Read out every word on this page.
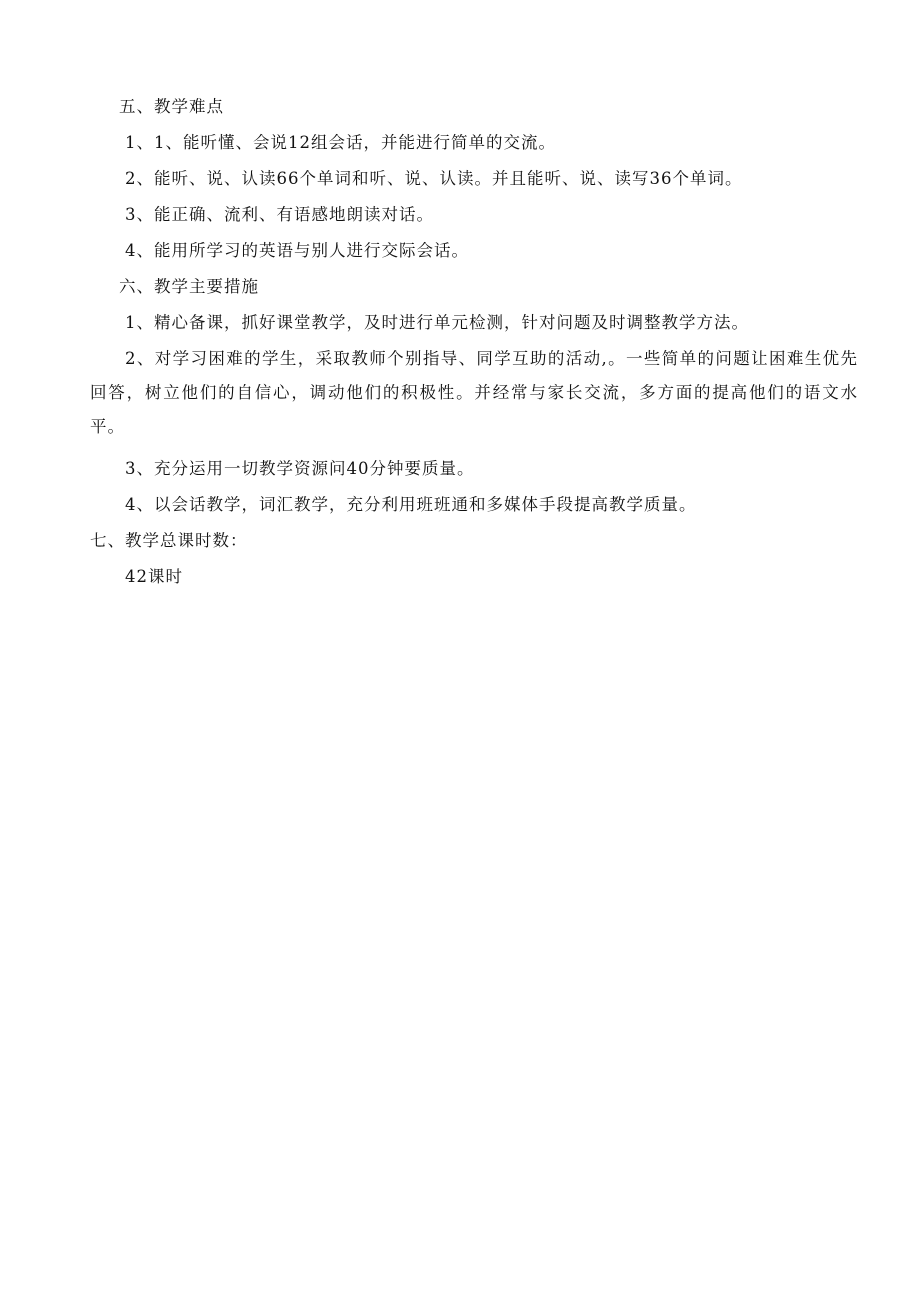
五、教学难点
1、1、能听懂、会说12组会话，并能进行简单的交流。
2、能听、说、认读66个单词和听、说、认读。并且能听、说、读写36个单词。
3、能正确、流利、有语感地朗读对话。
4、能用所学习的英语与别人进行交际会话。
六、教学主要措施
1、精心备课，抓好课堂教学，及时进行单元检测，针对问题及时调整教学方法。
2、对学习困难的学生，采取教师个别指导、同学互助的活动,。一些简单的问题让困难生优先回答，树立他们的自信心，调动他们的积极性。并经常与家长交流，多方面的提高他们的语文水平。
3、充分运用一切教学资源问40分钟要质量。
4、以会话教学，词汇教学，充分利用班班通和多媒体手段提高教学质量。
七、教学总课时数：
42课时
